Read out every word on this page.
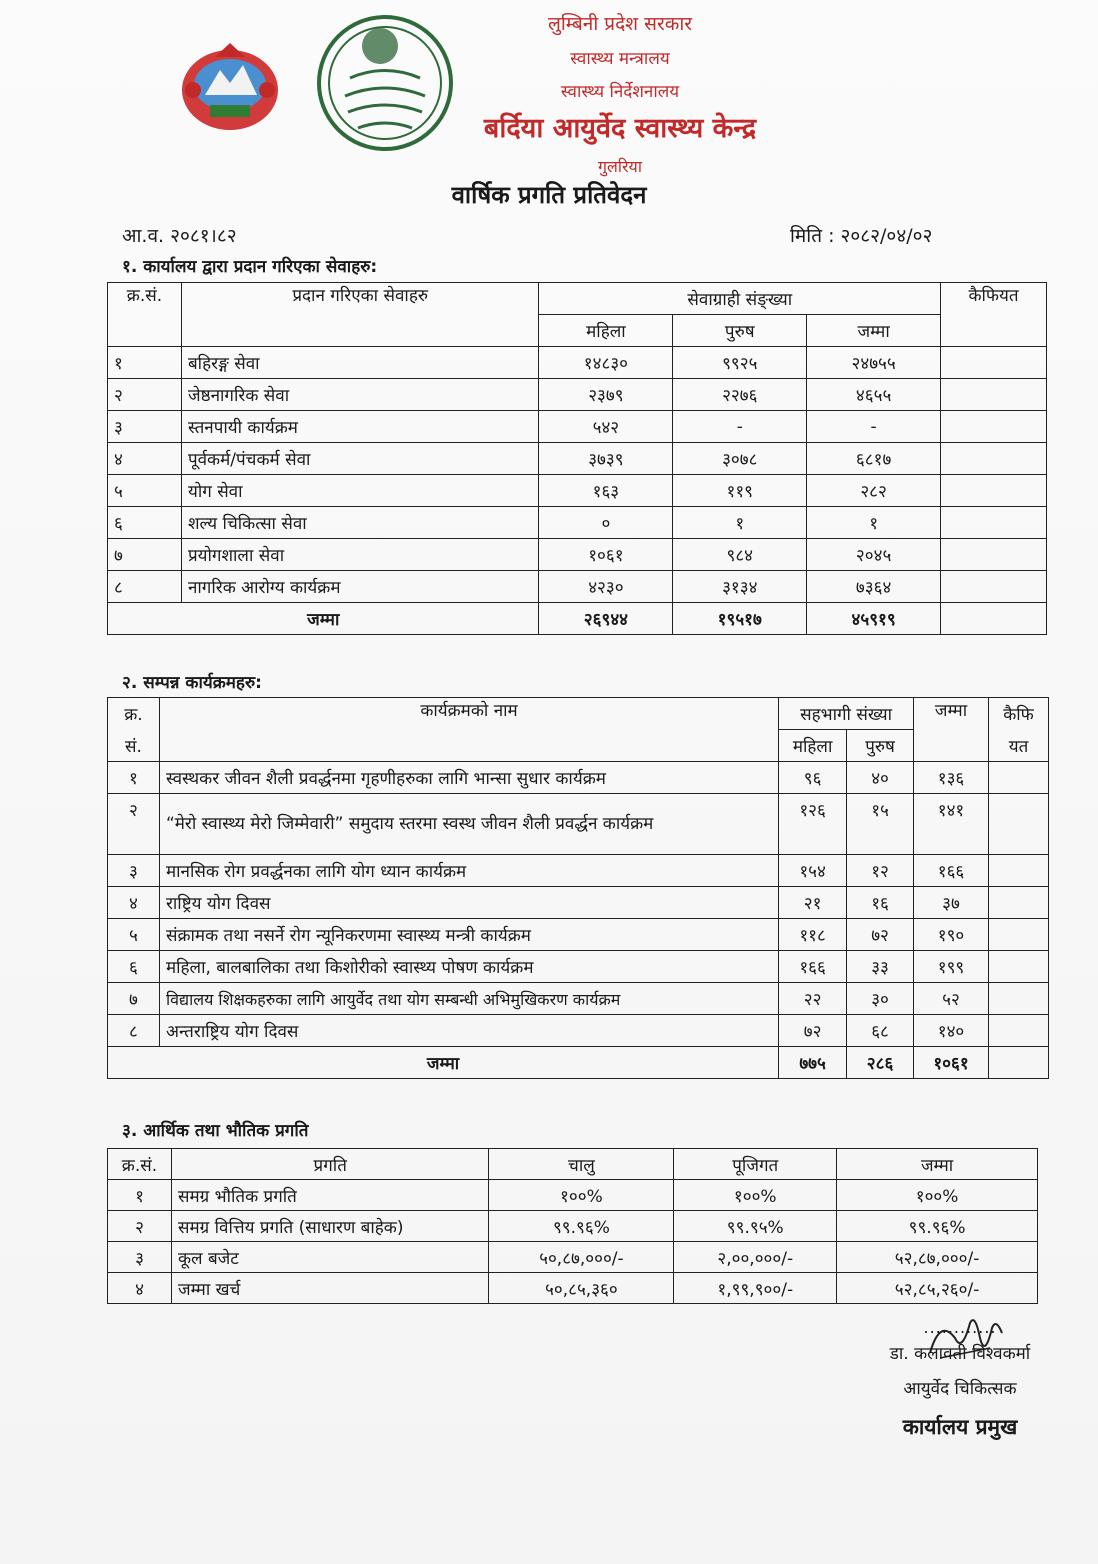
लुम्बिनी प्रदेश सरकार
स्वास्थ्य मन्त्रालय
स्वास्थ्य निर्देशनालय
बर्दिया आयुर्वेद स्वास्थ्य केन्द्र
गुलरिया
वार्षिक प्रगति प्रतिवेदन
आ.व. २०८१।८२	मिति : २०८२/०४/०२
१. कार्यालय द्वारा प्रदान गरिएका सेवाहरु:
क्र.सं.	प्रदान गरिएका सेवाहरु	सेवाग्राही संङ्ख्या			कैफियत
		महिला	पुरुष	जम्मा	
१	बहिरङ्ग सेवा	१४८३०	९९२५	२४७५५	
२	जेष्ठनागरिक सेवा	२३७९	२२७६	४६५५	
३	स्तनपायी कार्यक्रम	५४२	-	-	
४	पूर्वकर्म/पंचकर्म सेवा	३७३९	३०७८	६८१७	
५	योग सेवा	१६३	११९	२८२	
६	शल्य चिकित्सा सेवा	०	१	१	
७	प्रयोगशाला सेवा	१०६१	९८४	२०४५	
८	नागरिक आरोग्य कार्यक्रम	४२३०	३१३४	७३६४	
जम्मा		२६९४४	१९५१७	४५९१९	
२. सम्पन्न कार्यक्रमहरु:
क्र.	कार्यक्रमको नाम	सहभागी संख्या		जम्मा	कैफि
सं.		महिला	पुरुष		यत
१	स्वस्थकर जीवन शैली प्रवर्द्धनमा गृहणीहरुका लागि भान्सा सुधार कार्यक्रम	९६	४०	१३६	
२	“मेरो स्वास्थ्य मेरो जिम्मेवारी” समुदाय स्तरमा स्वस्थ जीवन शैली प्रवर्द्धन कार्यक्रम	१२६	१५	१४१	
३	मानसिक रोग प्रवर्द्धनका लागि योग ध्यान कार्यक्रम	१५४	१२	१६६	
४	राष्ट्रिय योग दिवस	२१	१६	३७	
५	संक्रामक तथा नसर्ने रोग न्यूनिकरणमा स्वास्थ्य मन्त्री कार्यक्रम	११८	७२	१९०	
६	महिला, बालबालिका तथा किशोरीको स्वास्थ्य पोषण कार्यक्रम	१६६	३३	१९९	
७	विद्यालय शिक्षकहरुका लागि आयुर्वेद तथा योग सम्बन्धी अभिमुखिकरण कार्यक्रम	२२	३०	५२	
८	अन्तराष्ट्रिय योग दिवस	७२	६८	१४०	
जम्मा		७७५	२८६	१०६१	
३. आर्थिक तथा भौतिक प्रगति
क्र.सं.	प्रगति	चालु	पूजिगत	जम्मा
१	समग्र भौतिक प्रगति	१००%	१००%	१००%
२	समग्र वित्तिय प्रगति (साधारण बाहेक)	९९.९६%	९९.९५%	९९.९६%
३	कूल बजेट	५०,८७,०००/-	२,००,०००/-	५२,८७,०००/-
४	जम्मा खर्च	५०,८५,३६०	१,९९,९००/-	५२,८५,२६०/-
............
डा. कलावती विश्वकर्मा
आयुर्वेद चिकित्सक
कार्यालय प्रमुख
